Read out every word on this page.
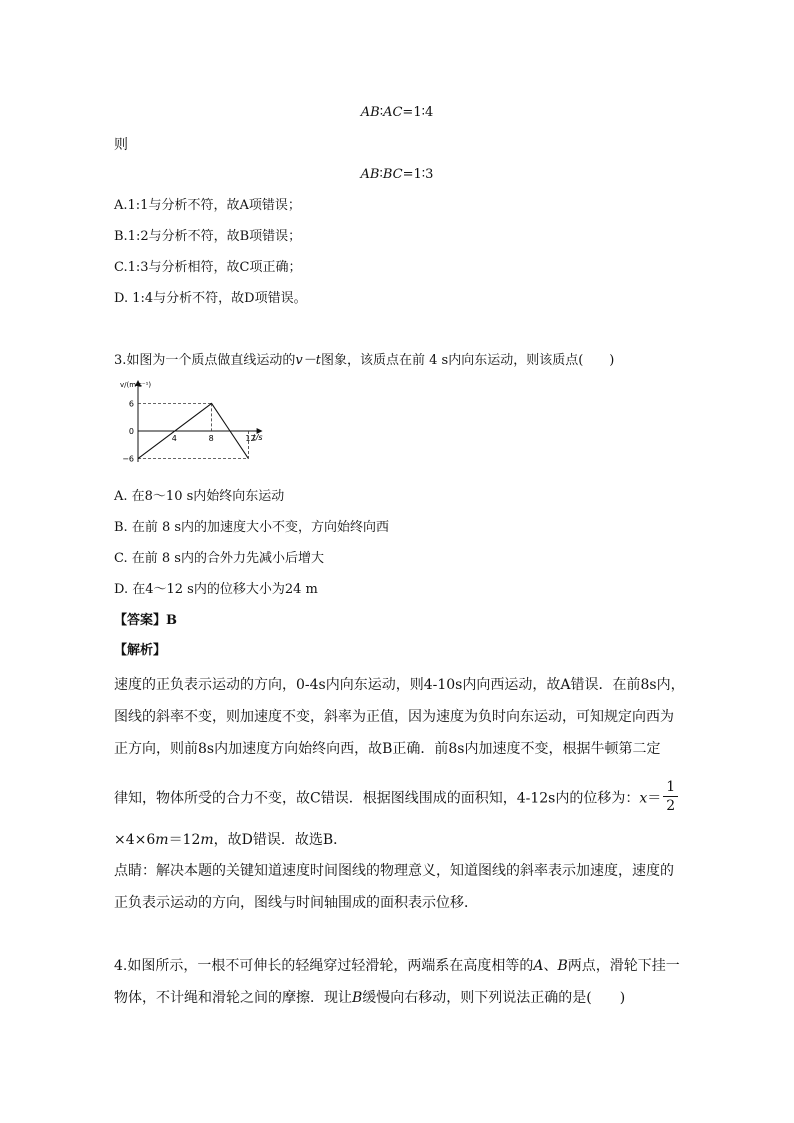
AB∶AC=1∶4
则
AB∶BC=1∶3
A.1:1与分析不符，故A项错误；
B.1:2与分析不符，故B项错误；
C.1:3与分析相符，故C项正确；
D. 1:4与分析不符，故D项错误。
3.如图为一个质点做直线运动的v－t图象，该质点在前 4 s内向东运动，则该质点(　　)
v/(m·s⁻¹)
t/s
4	8	12
6
0
−6
A. 在8～10 s内始终向东运动
B. 在前 8 s内的加速度大小不变，方向始终向西
C. 在前 8 s内的合外力先减小后增大
D. 在4～12 s内的位移大小为24 m
【答案】B
【解析】
速度的正负表示运动的方向，0-4s内向东运动，则4-10s内向西运动，故A错误．在前8s内，
图线的斜率不变，则加速度不变，斜率为正值，因为速度为负时向东运动，可知规定向西为
正方向，则前8s内加速度方向始终向西，故B正确．前8s内加速度不变，根据牛顿第二定
律知，物体所受的合力不变，故C错误．根据图线围成的面积知，4-12s内的位移为：$x= \frac{1}{2}$
×4×6m＝12m，故D错误．故选B．
点睛：解决本题的关键知道速度时间图线的物理意义，知道图线的斜率表示加速度，速度的
正负表示运动的方向，图线与时间轴围成的面积表示位移．
4.如图所示，一根不可伸长的轻绳穿过轻滑轮，两端系在高度相等的A、B两点，滑轮下挂一
物体，不计绳和滑轮之间的摩擦．现让B缓慢向右移动，则下列说法正确的是(　　)
